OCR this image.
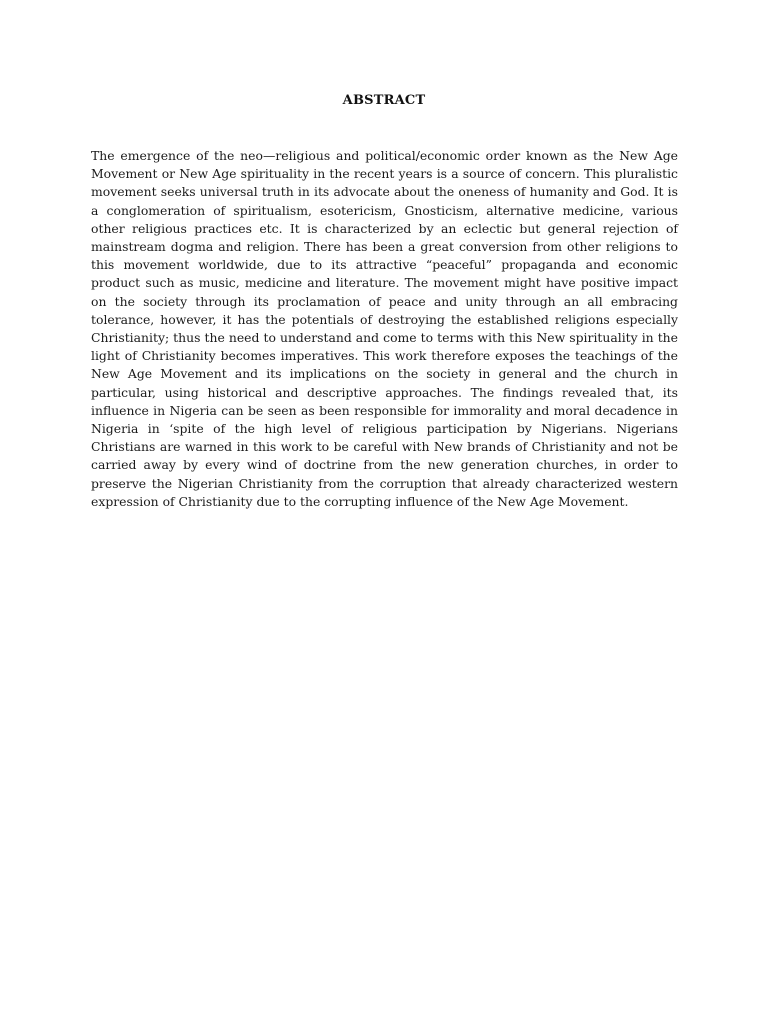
ABSTRACT

The emergence of the neo—religious and political/economic order known as the New Age Movement or New Age spirituality in the recent years is a source of concern. This pluralistic movement seeks universal truth in its advocate about the oneness of humanity and God. It is a conglomeration of spiritualism, esotericism, Gnosticism, alternative medicine, various other religious practices etc. It is characterized by an eclectic but general rejection of mainstream dogma and religion. There has been a great conversion from other religions to this movement worldwide, due to its attractive “peaceful” propaganda and economic product such as music, medicine and literature. The movement might have positive impact on the society through its proclamation of peace and unity through an all embracing tolerance, however, it has the potentials of destroying the established religions especially Christianity; thus the need to understand and come to terms with this New spirituality in the light of Christianity becomes imperatives. This work therefore exposes the teachings of the New Age Movement and its implications on the society in general and the church in particular, using historical and descriptive approaches. The findings revealed that, its influence in Nigeria can be seen as been responsible for immorality and moral decadence in Nigeria in ‘spite of the high level of religious participation by Nigerians. Nigerians Christians are warned in this work to be careful with New brands of Christianity and not be carried away by every wind of doctrine from the new generation churches, in order to preserve the Nigerian Christianity from the corruption that already characterized western expression of Christianity due to the corrupting influence of the New Age Movement.
